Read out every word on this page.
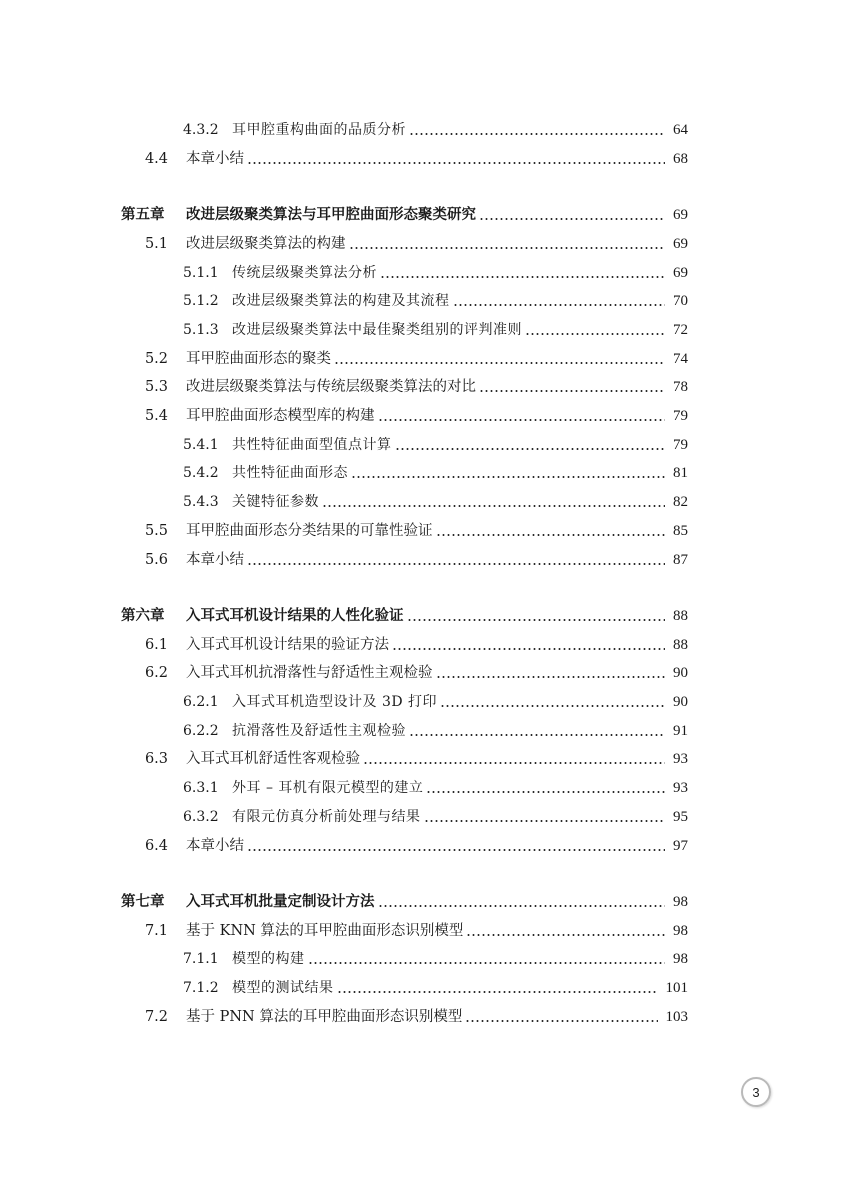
4.3.2 耳甲腔重构曲面的品质分析	64
4.4 本章小结	68
第五章 改进层级聚类算法与耳甲腔曲面形态聚类研究	69
5.1 改进层级聚类算法的构建	69
5.1.1 传统层级聚类算法分析	69
5.1.2 改进层级聚类算法的构建及其流程	70
5.1.3 改进层级聚类算法中最佳聚类组别的评判准则	72
5.2 耳甲腔曲面形态的聚类	74
5.3 改进层级聚类算法与传统层级聚类算法的对比	78
5.4 耳甲腔曲面形态模型库的构建	79
5.4.1 共性特征曲面型值点计算	79
5.4.2 共性特征曲面形态	81
5.4.3 关键特征参数	82
5.5 耳甲腔曲面形态分类结果的可靠性验证	85
5.6 本章小结	87
第六章 入耳式耳机设计结果的人性化验证	88
6.1 入耳式耳机设计结果的验证方法	88
6.2 入耳式耳机抗滑落性与舒适性主观检验	90
6.2.1 入耳式耳机造型设计及 3D 打印	90
6.2.2 抗滑落性及舒适性主观检验	91
6.3 入耳式耳机舒适性客观检验	93
6.3.1 外耳 – 耳机有限元模型的建立	93
6.3.2 有限元仿真分析前处理与结果	95
6.4 本章小结	97
第七章 入耳式耳机批量定制设计方法	98
7.1 基于 KNN 算法的耳甲腔曲面形态识别模型	98
7.1.1 模型的构建	98
7.1.2 模型的测试结果	101
7.2 基于 PNN 算法的耳甲腔曲面形态识别模型	103
3
